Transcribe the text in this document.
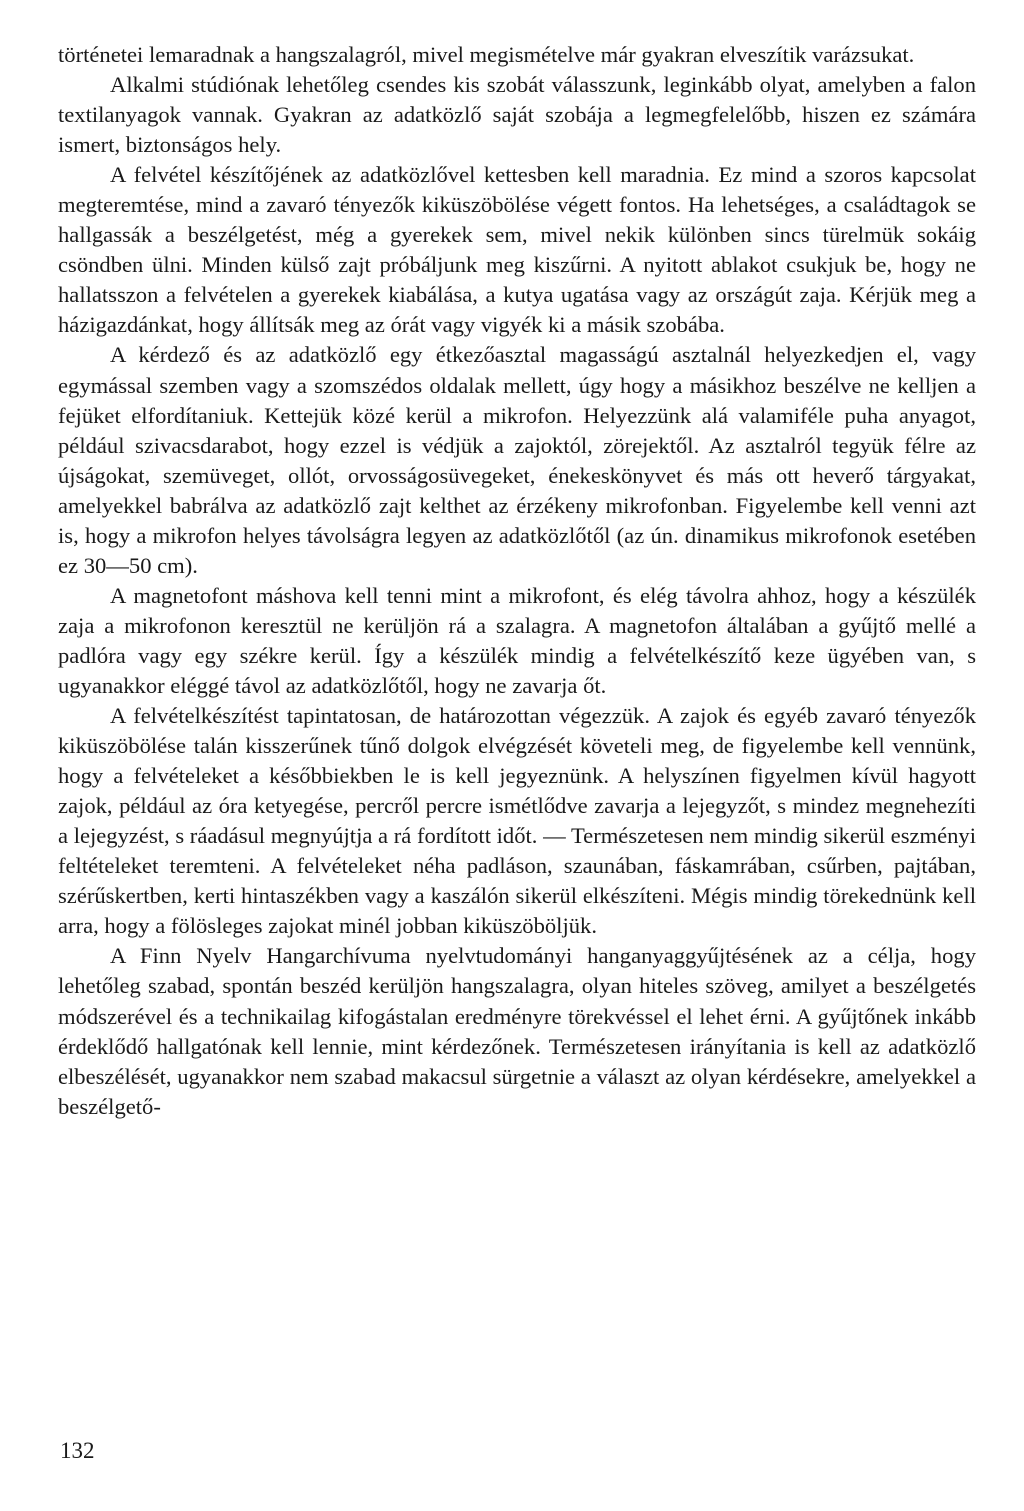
történetei lemaradnak a hangszalagról, mivel megismételve már gyakran elveszítik varázsukat.

Alkalmi stúdiónak lehetőleg csendes kis szobát válasszunk, leginkább olyat, amelyben a falon textilanyagok vannak. Gyakran az adatközlő saját szobája a legmegfelelőbb, hiszen ez számára ismert, biztonságos hely.

A felvétel készítőjének az adatközlővel kettesben kell maradnia. Ez mind a szoros kapcsolat megteremtése, mind a zavaró tényezők kiküszöbölése végett fontos. Ha lehetséges, a családtagok se hallgassák a beszélgetést, még a gyerekek sem, mivel nekik különben sincs türelmük sokáig csöndben ülni. Minden külső zajt próbáljunk meg kiszűrni. A nyitott ablakot csukjuk be, hogy ne hallatsszon a felvételen a gyerekek kiabálása, a kutya ugatása vagy az országút zaja. Kérjük meg a házigazdánkat, hogy állítsák meg az órát vagy vigyék ki a másik szobába.

A kérdező és az adatközlő egy étkezőasztal magasságú asztalnál helyezkedjen el, vagy egymással szemben vagy a szomszédos oldalak mellett, úgy hogy a másikhoz beszélve ne kelljen a fejüket elfordítaniuk. Kettejük közé kerül a mikrofon. Helyezzünk alá valamiféle puha anyagot, például szivacsdarabot, hogy ezzel is védjük a zajoktól, zörejektől. Az asztalról tegyük félre az újságokat, szemüveget, ollót, orvosságosüvegeket, énekeskönyvet és más ott heverő tárgyakat, amelyekkel babrálva az adatközlő zajt kelthet az érzékeny mikrofonban. Figyelembe kell venni azt is, hogy a mikrofon helyes távolságra legyen az adatközlőtől (az ún. dinamikus mikrofonok esetében ez 30—50 cm).

A magnetofont máshova kell tenni mint a mikrofont, és elég távolra ahhoz, hogy a készülék zaja a mikrofonon keresztül ne kerüljön rá a szalagra. A magnetofon általában a gyűjtő mellé a padlóra vagy egy székre kerül. Így a készülék mindig a felvételkészítő keze ügyében van, s ugyanakkor eléggé távol az adatközlőtől, hogy ne zavarja őt.

A felvételkészítést tapintatosan, de határozottan végezzük. A zajok és egyéb zavaró tényezők kiküszöbölése talán kisszerűnek tűnő dolgok elvégzését követeli meg, de figyelembe kell vennünk, hogy a felvételeket a későbbiekben le is kell jegyeznünk. A helyszínen figyelmen kívül hagyott zajok, például az óra ketyegése, percről percre ismétlődve zavarja a lejegyzőt, s mindez megnehezíti a lejegyzést, s ráadásul megnyújtja a rá fordított időt. — Természetesen nem mindig sikerül eszményi feltételeket teremteni. A felvételeket néha padláson, szaunában, fáskamrában, csűrben, pajtában, szérűskertben, kerti hintaszékben vagy a kaszálón sikerül elkészíteni. Mégis mindig törekednünk kell arra, hogy a fölösleges zajokat minél jobban kiküszöböljük.

A Finn Nyelv Hangarchívuma nyelvtudományi hanganyaggyűjtésének az a célja, hogy lehetőleg szabad, spontán beszéd kerüljön hangszalagra, olyan hiteles szöveg, amilyet a beszélgetés módszerével és a technikailag kifogástalan eredményre törekvéssel el lehet érni. A gyűjtőnek inkább érdeklődő hallgatónak kell lennie, mint kérdezőnek. Természetesen irányítania is kell az adatközlő elbeszélését, ugyanakkor nem szabad makacsul sürgetnie a választ az olyan kérdésekre, amelyekkel a beszélgető-

132
